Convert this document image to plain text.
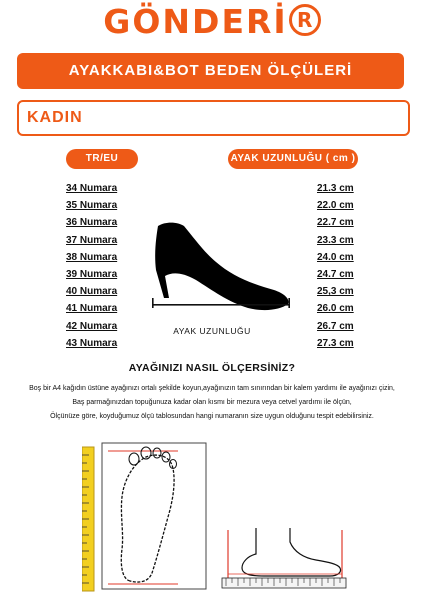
GÖNDERİ R
AYAKKABI&BOT BEDEN ÖLÇÜLERİ
KADIN
TR/EU	AYAK UZUNLUĞU ( cm )
34 Numara
35 Numara
36 Numara
37 Numara
38 Numara
39 Numara
40 Numara
41 Numara
42 Numara
43 Numara
21.3 cm
22.0 cm
22.7 cm
23.3 cm
24.0 cm
24.7 cm
25,3 cm
26.0 cm
26.7 cm
27.3 cm
AYAK UZUNLUĞU
AYAĞINIZI NASIL ÖLÇERSİNİZ?
Boş bir A4 kağıdın üstüne ayağınızı ortalı şekilde koyun,ayağınızın tam sınırından bir kalem yardımı ile ayağınızı çizin,
Baş parmağınızdan topuğunuza kadar olan kısmı bir mezura veya cetvel yardımı ile ölçün,
Ölçünüze göre, koyduğumuz ölçü tablosundan hangi numaranın size uygun olduğunu tespit edebilirsiniz.
